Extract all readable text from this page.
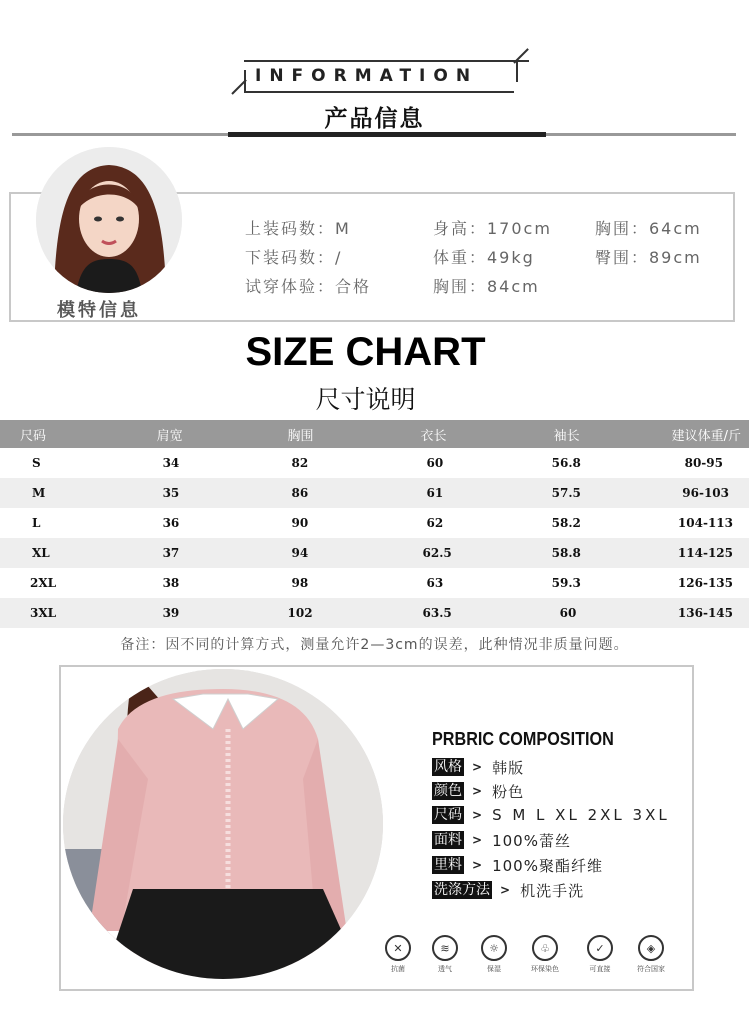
INFORMATION
产品信息
模特信息
上装码数：M	身高：170cm	胸围：64cm
下装码数：/	体重：49kg	臀围：89cm
试穿体验：合格	胸围：84cm
SIZE CHART
尺寸说明
尺码	肩宽	胸围	衣长	袖长	建议体重/斤
S	34	82	60	56.8	80-95
M	35	86	61	57.5	96-103
L	36	90	62	58.2	104-113
XL	37	94	62.5	58.8	114-125
2XL	38	98	63	59.3	126-135
3XL	39	102	63.5	60	136-145
备注：因不同的计算方式，测量允许2—3cm的误差，此种情况非质量问题。
PRBRIC COMPOSITION
风格 > 韩版
颜色 > 粉色
尺码 > S M L XL 2XL 3XL
面料 > 100%蕾丝
里料 > 100%聚酯纤维
洗涤方法 > 机洗手洗
✕
抗菌
≋
透气
☼
保湿
♧
环保染色
✓
可直接
◈
符合国家
